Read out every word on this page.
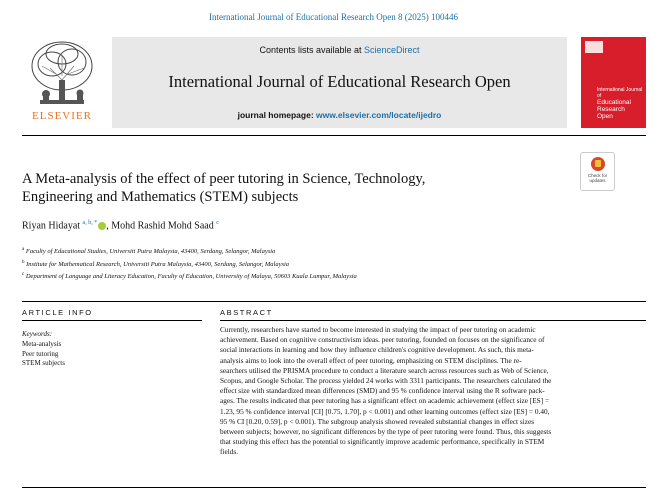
International Journal of Educational Research Open 8 (2025) 100446
ELSEVIER
Contents lists available at ScienceDirect
International Journal of Educational Research Open
journal homepage: www.elsevier.com/locate/ijedro
International Journal of
Educational
Research
Open
A Meta-analysis of the effect of peer tutoring in Science, Technology,
Engineering and Mathematics (STEM) subjects
Check for
updates
Riyan Hidayat $^{a, b, *}$ , Mohd Rashid Mohd Saad $^c$
$^a$ Faculty of Educational Studies, Universiti Putra Malaysia, 43400, Serdang, Selangor, Malaysia
$^b$ Institute for Mathematical Research, Universiti Putra Malaysia, 43400, Serdang, Selangor, Malaysia
$^c$ Department of Language and Literacy Education, Faculty of Education, University of Malaya, 50603 Kuala Lumpur, Malaysia
ARTICLE INFO	ABSTRACT
Keywords:
Meta-analysis
Peer tutoring
STEM subjects
Currently, researchers have started to become interested in studying the impact of peer tutoring on academic
achievement. Based on cognitive constructivism ideas. peer tutoring, founded on focuses on the significance of
social interactions in learning and how they influence children's cognitive development. As such, this meta-
analysis aims to look into the overall effect of peer tutoring, emphasizing on STEM disciplines. The re-
searchers utilised the PRISMA procedure to conduct a literature search across resources such as Web of Science,
Scopus, and Google Scholar. The process yielded 24 works with 3311 participants. The researchers calculated the
effect size with standardized mean differences (SMD) and 95 % confidence interval using the R software pack-
ages. The results indicated that peer tutoring has a significant effect on academic achievement (effect size [ES] =
1.23, 95 % confidence interval [CI] [0.75, 1.70], p < 0.001) and other learning outcomes (effect size [ES] = 0.40,
95 % CI [0.20, 0.59], p < 0.001). The subgroup analysis showed revealed substantial changes in effect sizes
between subjects; however, no significant differences by the type of peer tutoring were found. Thus, this suggests
that studying this effect has the potential to significantly improve academic performance, specifically in STEM
fields.
